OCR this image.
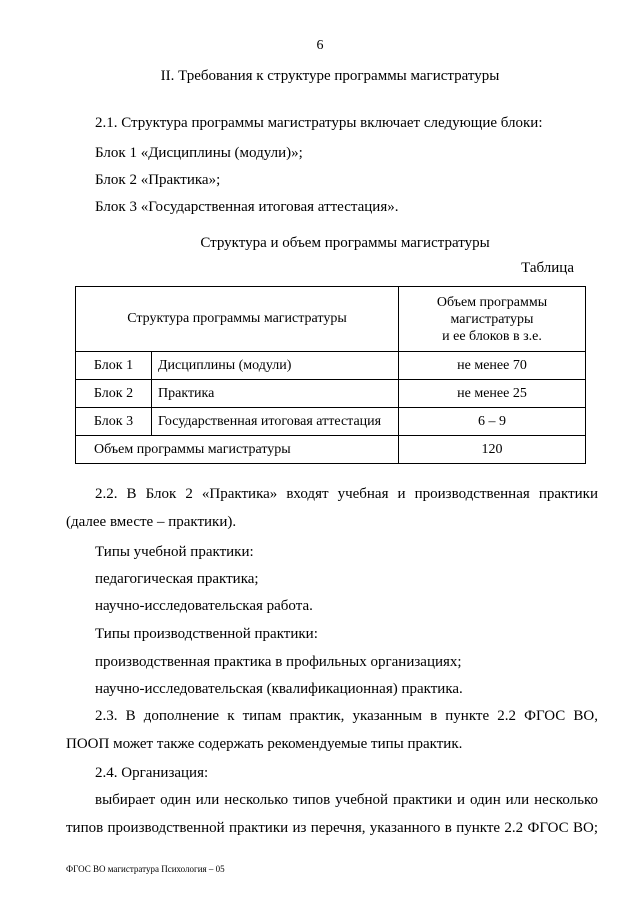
6
II. Требования к структуре программы магистратуры
2.1. Структура программы магистратуры включает следующие блоки:
Блок 1 «Дисциплины (модули)»;
Блок 2 «Практика»;
Блок 3 «Государственная итоговая аттестация».
Структура и объем программы магистратуры
Таблица
Структура программы магистратуры		Объем программы
магистратуры
и ее блоков в з.е.

Блок 1	Дисциплины (модули)	не менее 70
Блок 2	Практика	не менее 25
Блок 3	Государственная итоговая аттестация	6 – 9
Объем программы магистратуры		120
2.2. В Блок 2 «Практика» входят учебная и производственная практики
(далее вместе – практики).
Типы учебной практики:
педагогическая практика;
научно-исследовательская работа.
Типы производственной практики:
производственная практика в профильных организациях;
научно-исследовательская (квалификационная) практика.
2.3. В дополнение к типам практик, указанным в пункте 2.2 ФГОС ВО,
ПООП может также содержать рекомендуемые типы практик.
2.4. Организация:
выбирает один или несколько типов учебной практики и один или несколько
типов производственной практики из перечня, указанного в пункте 2.2 ФГОС ВО;
ФГОС ВО магистратура Психология – 05
